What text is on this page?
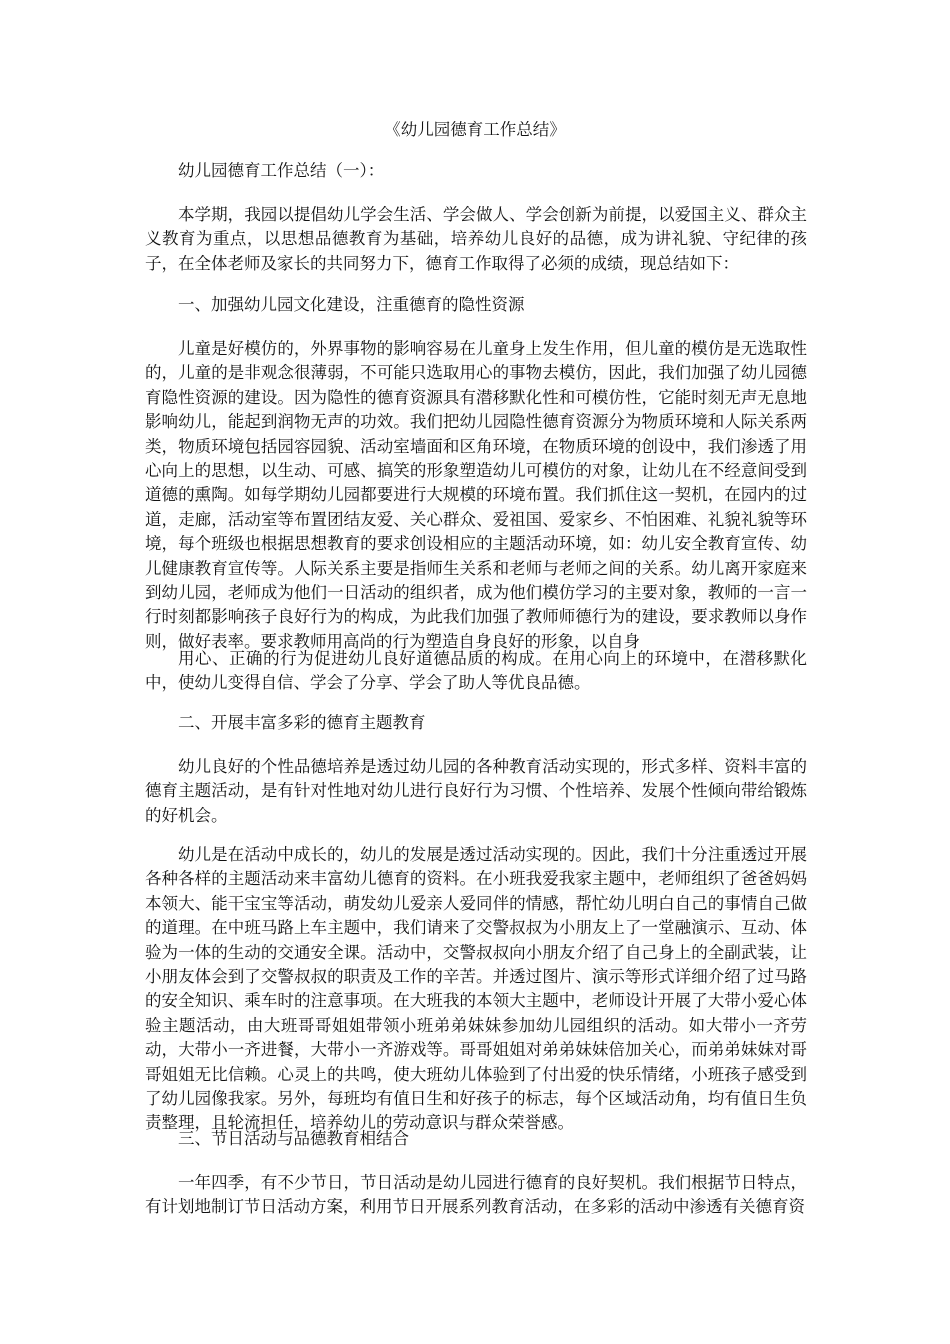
《幼儿园德育工作总结》
幼儿园德育工作总结（一）：
本学期，我园以提倡幼儿学会生活、学会做人、学会创新为前提，以爱国主义、群众主义教育为重点，以思想品德教育为基础，培养幼儿良好的品德，成为讲礼貌、守纪律的孩子，在全体老师及家长的共同努力下，德育工作取得了必须的成绩，现总结如下：
一、加强幼儿园文化建设，注重德育的隐性资源
儿童是好模仿的，外界事物的影响容易在儿童身上发生作用，但儿童的模仿是无选取性的，儿童的是非观念很薄弱，不可能只选取用心的事物去模仿，因此，我们加强了幼儿园德育隐性资源的建设。因为隐性的德育资源具有潜移默化性和可模仿性，它能时刻无声无息地影响幼儿，能起到润物无声的功效。我们把幼儿园隐性德育资源分为物质环境和人际关系两类，物质环境包括园容园貌、活动室墙面和区角环境，在物质环境的创设中，我们渗透了用心向上的思想，以生动、可感、搞笑的形象塑造幼儿可模仿的对象，让幼儿在不经意间受到道德的熏陶。如每学期幼儿园都要进行大规模的环境布置。我们抓住这一契机，在园内的过道，走廊，活动室等布置团结友爱、关心群众、爱祖国、爱家乡、不怕困难、礼貌礼貌等环境，每个班级也根据思想教育的要求创设相应的主题活动环境，如：幼儿安全教育宣传、幼儿健康教育宣传等。人际关系主要是指师生关系和老师与老师之间的关系。幼儿离开家庭来到幼儿园，老师成为他们一日活动的组织者，成为他们模仿学习的主要对象，教师的一言一行时刻都影响孩子良好行为的构成，为此我们加强了教师师德行为的建设，要求教师以身作则，做好表率。要求教师用高尚的行为塑造自身良好的形象，以自身
用心、正确的行为促进幼儿良好道德品质的构成。在用心向上的环境中，在潜移默化中，使幼儿变得自信、学会了分享、学会了助人等优良品德。
二、开展丰富多彩的德育主题教育
幼儿良好的个性品德培养是透过幼儿园的各种教育活动实现的，形式多样、资料丰富的德育主题活动，是有针对性地对幼儿进行良好行为习惯、个性培养、发展个性倾向带给锻炼的好机会。
幼儿是在活动中成长的，幼儿的发展是透过活动实现的。因此，我们十分注重透过开展各种各样的主题活动来丰富幼儿德育的资料。在小班我爱我家主题中，老师组织了爸爸妈妈本领大、能干宝宝等活动，萌发幼儿爱亲人爱同伴的情感，帮忙幼儿明白自己的事情自己做的道理。在中班马路上车主题中，我们请来了交警叔叔为小朋友上了一堂融演示、互动、体验为一体的生动的交通安全课。活动中，交警叔叔向小朋友介绍了自己身上的全副武装，让小朋友体会到了交警叔叔的职责及工作的辛苦。并透过图片、演示等形式详细介绍了过马路的安全知识、乘车时的注意事项。在大班我的本领大主题中，老师设计开展了大带小爱心体验主题活动，由大班哥哥姐姐带领小班弟弟妹妹参加幼儿园组织的活动。如大带小一齐劳动，大带小一齐进餐，大带小一齐游戏等。哥哥姐姐对弟弟妹妹倍加关心，而弟弟妹妹对哥哥姐姐无比信赖。心灵上的共鸣，使大班幼儿体验到了付出爱的快乐情绪，小班孩子感受到了幼儿园像我家。另外，每班均有值日生和好孩子的标志，每个区域活动角，均有值日生负责整理，且轮流担任，培养幼儿的劳动意识与群众荣誉感。
三、节日活动与品德教育相结合
一年四季，有不少节日，节日活动是幼儿园进行德育的良好契机。我们根据节日特点，有计划地制订节日活动方案，利用节日开展系列教育活动，在多彩的活动中渗透有关德育资
